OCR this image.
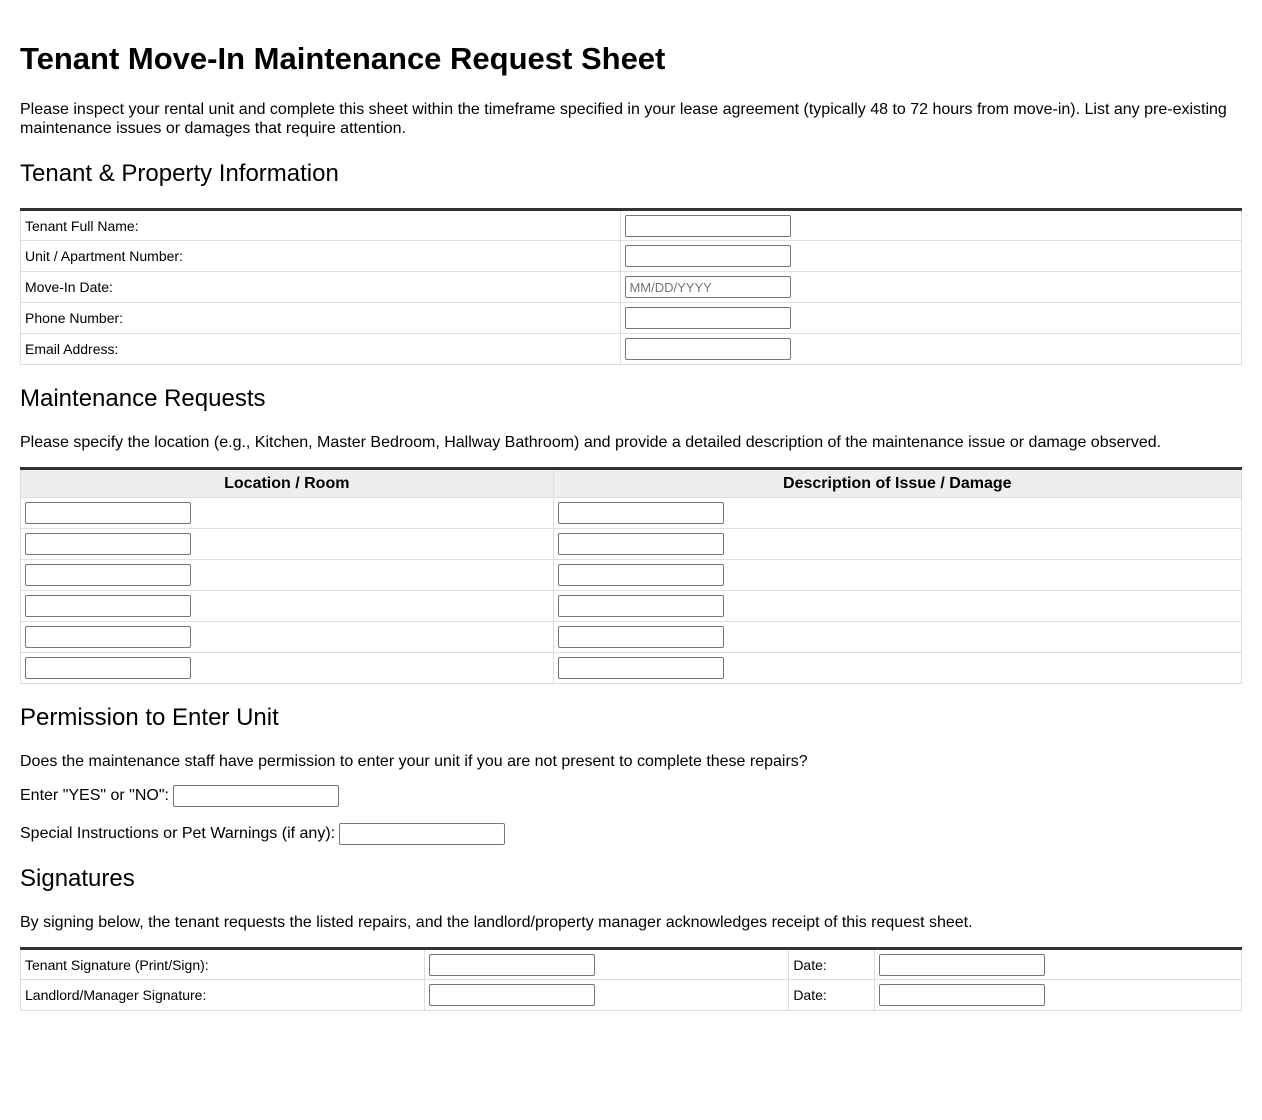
Tenant Move-In Maintenance Request Sheet

Please inspect your rental unit and complete this sheet within the timeframe specified in your lease agreement (typically 48 to 72 hours from move-in). List any pre-existing maintenance issues or damages that require attention.

Tenant & Property Information
Tenant Full Name:	
Unit / Apartment Number:	
Move-In Date:	MM/DD/YYYY
Phone Number:	
Email Address:	
Maintenance Requests

Please specify the location (e.g., Kitchen, Master Bedroom, Hallway Bathroom) and provide a detailed description of the maintenance issue or damage observed.

Location / Room	Description of Issue / Damage

Permission to Enter Unit

Does the maintenance staff have permission to enter your unit if you are not present to complete these repairs?

Enter "YES" or "NO":
Special Instructions or Pet Warnings (if any):
Signatures

By signing below, the tenant requests the listed repairs, and the landlord/property manager acknowledges receipt of this request sheet.

Tenant Signature (Print/Sign):		Date:	
Landlord/Manager Signature:		Date:	
